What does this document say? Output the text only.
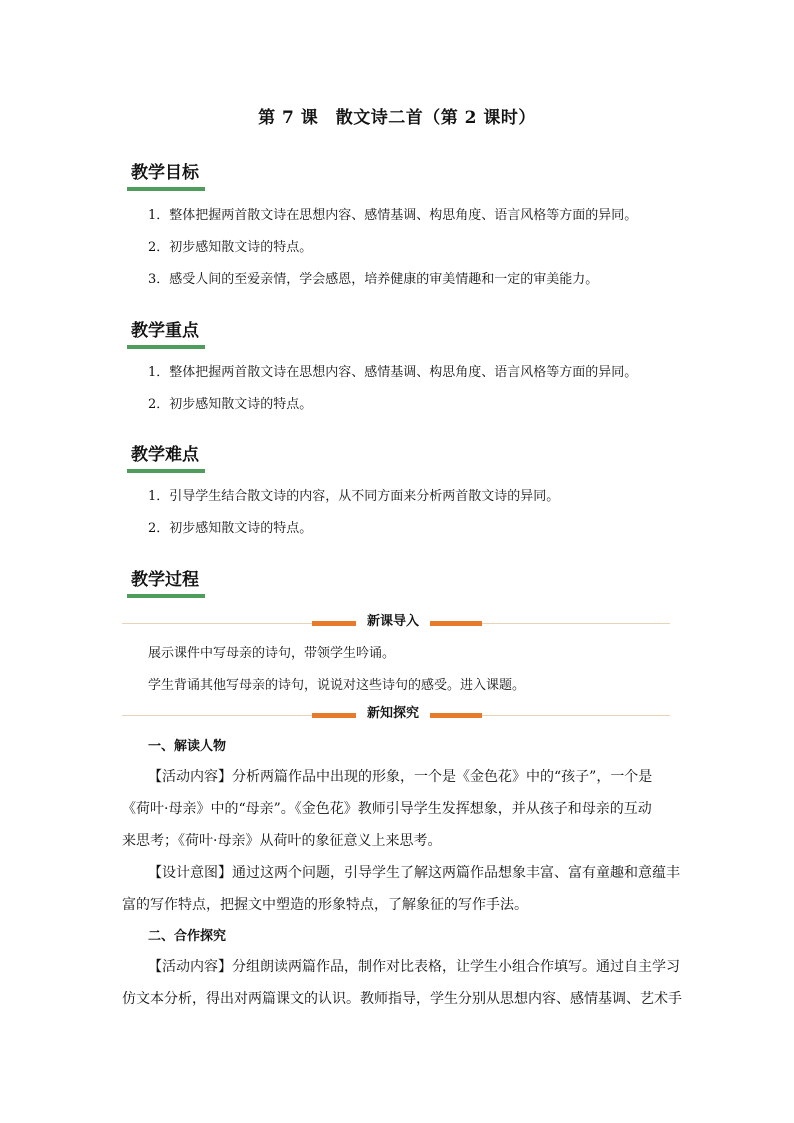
第 7 课　散文诗二首（第 2 课时）
教学目标
1．整体把握两首散文诗在思想内容、感情基调、构思角度、语言风格等方面的异同。
2．初步感知散文诗的特点。
3．感受人间的至爱亲情，学会感恩，培养健康的审美情趣和一定的审美能力。
教学重点
1．整体把握两首散文诗在思想内容、感情基调、构思角度、语言风格等方面的异同。
2．初步感知散文诗的特点。
教学难点
1．引导学生结合散文诗的内容，从不同方面来分析两首散文诗的异同。
2．初步感知散文诗的特点。
教学过程
新课导入
展示课件中写母亲的诗句，带领学生吟诵。
学生背诵其他写母亲的诗句，说说对这些诗句的感受。进入课题。
新知探究
一、解读人物
【活动内容】分析两篇作品中出现的形象，一个是《金色花》中的“孩子”，一个是
《荷叶·母亲》中的“母亲”。《金色花》教师引导学生发挥想象，并从孩子和母亲的互动
来思考；《荷叶·母亲》从荷叶的象征意义上来思考。
【设计意图】通过这两个问题，引导学生了解这两篇作品想象丰富、富有童趣和意蕴丰
富的写作特点，把握文中塑造的形象特点，了解象征的写作手法。
二、合作探究
【活动内容】分组朗读两篇作品，制作对比表格，让学生小组合作填写。通过自主学习
仿文本分析，得出对两篇课文的认识。教师指导，学生分别从思想内容、感情基调、艺术手
